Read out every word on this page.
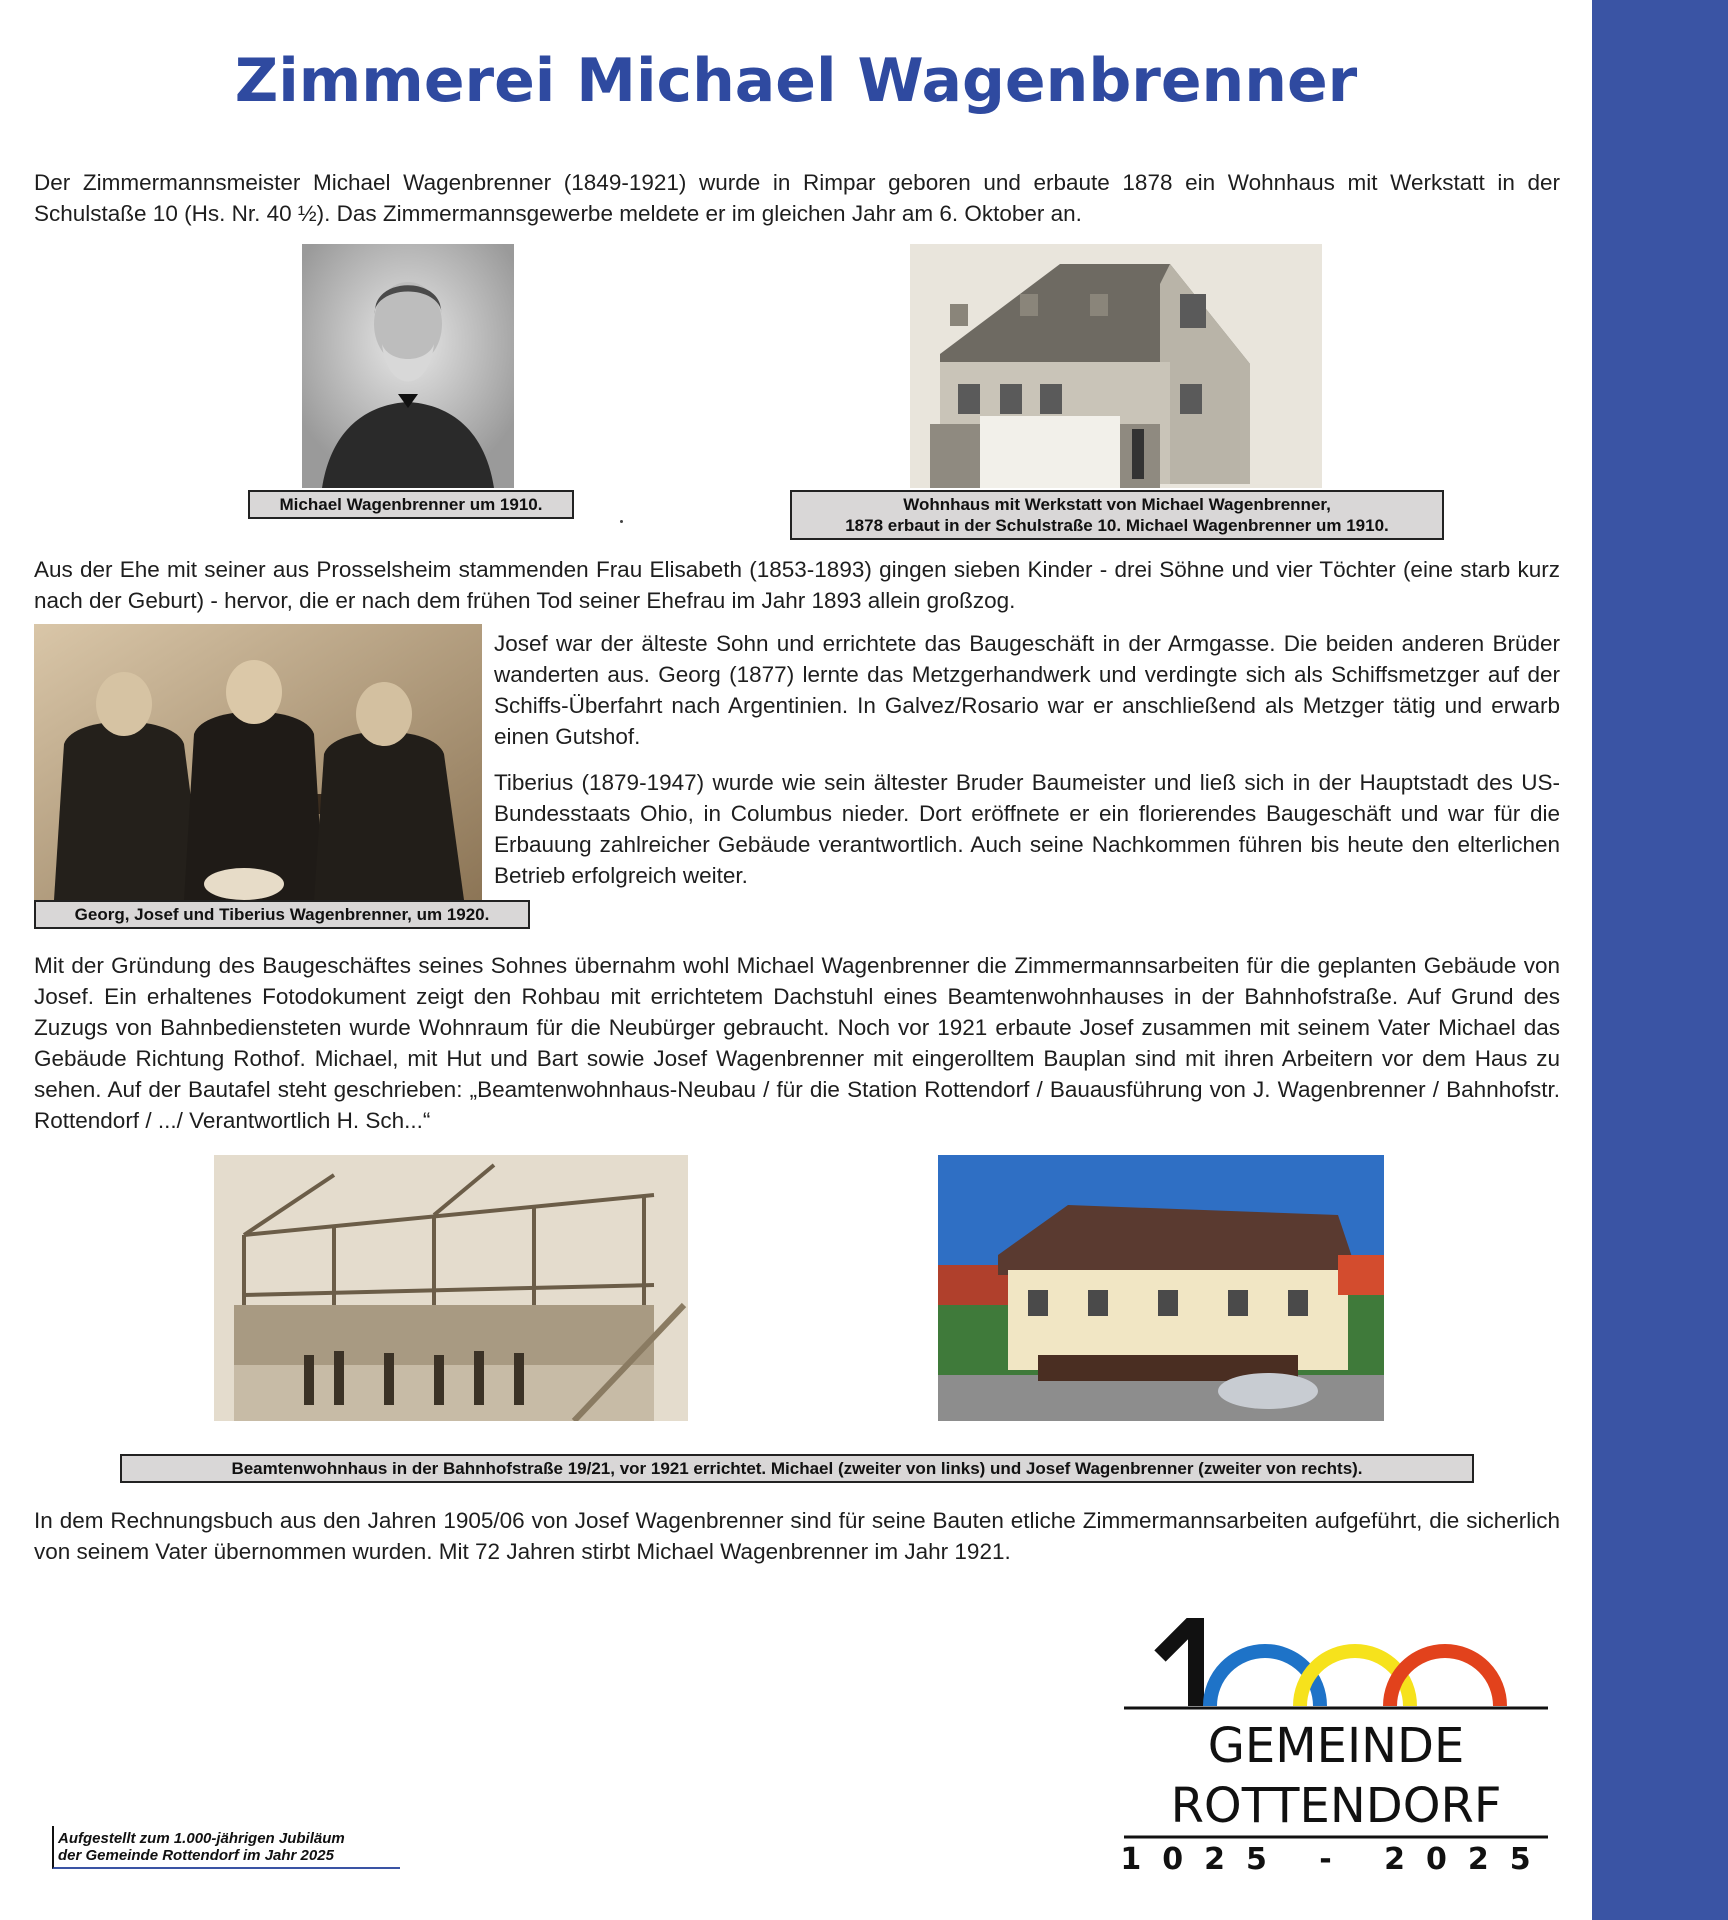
Zimmerei Michael Wagenbrenner

Der Zimmermannsmeister Michael Wagenbrenner (1849-1921) wurde in Rimpar geboren und erbaute 1878 ein Wohnhaus mit Werkstatt in der Schulstaße 10 (Hs. Nr. 40 ½). Das Zimmermannsgewerbe meldete er im gleichen Jahr am 6. Oktober an.

Michael Wagenbrenner um 1910.	Wohnhaus mit Werkstatt von Michael Wagenbrenner,
1878 erbaut in der Schulstraße 10. Michael Wagenbrenner um 1910.

Aus der Ehe mit seiner aus Prosselsheim stammenden Frau Elisabeth (1853-1893) gingen sieben Kinder - drei Söhne und vier Töchter (eine starb kurz nach der Geburt) - hervor, die er nach dem frühen Tod seiner Ehefrau im Jahr 1893 allein großzog.

Georg, Josef und Tiberius Wagenbrenner, um 1920.

Josef war der älteste Sohn und errichtete das Baugeschäft in der Armgasse. Die beiden anderen Brüder wanderten aus. Georg (1877) lernte das Metzgerhandwerk und verdingte sich als Schiffsmetzger auf der Schiffs-Überfahrt nach Argentinien. In Galvez/Rosario war er anschließend als Metzger tätig und erwarb einen Gutshof.

Tiberius (1879-1947) wurde wie sein ältester Bruder Baumeister und ließ sich in der Hauptstadt des US-Bundesstaats Ohio, in Columbus nieder. Dort eröffnete er ein florierendes Baugeschäft und war für die Erbauung zahlreicher Gebäude verantwortlich. Auch seine Nachkommen führen bis heute den elterlichen Betrieb erfolgreich weiter.

Mit der Gründung des Baugeschäftes seines Sohnes übernahm wohl Michael Wagenbrenner die Zimmermannsarbeiten für die geplanten Gebäude von Josef. Ein erhaltenes Fotodokument zeigt den Rohbau mit errichtetem Dachstuhl eines Beamtenwohnhauses in der Bahnhofstraße. Auf Grund des Zuzugs von Bahnbediensteten wurde Wohnraum für die Neubürger gebraucht. Noch vor 1921 erbaute Josef zusammen mit seinem Vater Michael das Gebäude Richtung Rothof. Michael, mit Hut und Bart sowie Josef Wagenbrenner mit eingerolltem Bauplan sind mit ihren Arbeitern vor dem Haus zu sehen. Auf der Bautafel steht geschrieben: „Beamtenwohnhaus-Neubau / für die Station Rottendorf / Bauausführung von J. Wagenbrenner / Bahnhofstr. Rottendorf / .../ Verantwortlich H. Sch...“

Beamtenwohnhaus in der Bahnhofstraße 19/21, vor 1921 errichtet. Michael (zweiter von links) und Josef Wagenbrenner (zweiter von rechts).

In dem Rechnungsbuch aus den Jahren 1905/06 von Josef Wagenbrenner sind für seine Bauten etliche Zimmermannsarbeiten aufgeführt, die sicherlich von seinem Vater übernommen wurden. Mit 72 Jahren stirbt Michael Wagenbrenner im Jahr 1921.

Aufgestellt zum 1.000-jährigen Jubiläum
der Gemeinde Rottendorf im Jahr 2025
GEMEINDE
ROTTENDORF
1025 - 2025
